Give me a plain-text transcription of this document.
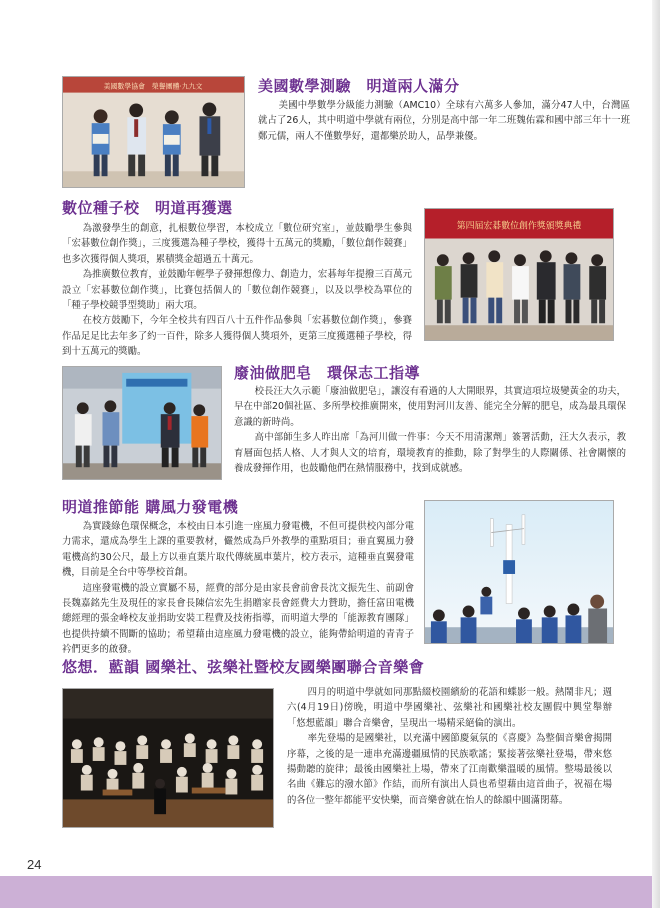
美國數學協會　榮譽團體·九九文	美國數學測驗　明道兩人滿分

美國中學數學分級能力測驗（AMC10）全球有六萬多人參加，滿分47人中，台灣區就占了26人，其中明道中學就有兩位，分別是高中部一年二班魏佑霖和國中部三年十一班鄭元儒，兩人不僅數學好，還都樂於助人，品學兼優。

數位種子校　明道再獲選

為激發學生的創意，扎根數位學習，本校成立「數位研究室」，並鼓勵學生參與「宏碁數位創作獎」，三度獲選為種子學校，獲得十五萬元的獎勵，「數位創作競賽」也多次獲得個人獎項，累積獎金超過五十萬元。

為推廣數位教育，並鼓勵年輕學子發揮想像力、創造力，宏碁每年提撥三百萬元設立「宏碁數位創作獎」，比賽包括個人的「數位創作競賽」，以及以學校為單位的「種子學校競爭型獎助」兩大項。

在校方鼓勵下，今年全校共有四百八十五件作品參與「宏碁數位創作獎」，參賽作品足足比去年多了約一百件，除多人獲得個人獎項外，更第三度獲選種子學校，得到十五萬元的獎勵。

第四屆宏碁數位創作獎頒獎典禮
廢油做肥皂　環保志工指導

校長汪大久示範「廢油做肥皂」，讓沒有看過的人大開眼界，其實這項垃圾變黃金的功夫，早在中部20個社區、多所學校推廣開來，使用對河川友善、能完全分解的肥皂，成為最具環保意識的新時尚。

高中部師生多人昨出席「為河川做一件事：今天不用清潔劑」簽署活動，汪大久表示，教育層面包括人格、人才與人文的培育，環境教育的推動，除了對學生的人際關係、社會關懷的養成發揮作用，也鼓勵他們在熱情服務中，找到成就感。

明道推節能 購風力發電機

為實踐綠色環保概念，本校由日本引進一座風力發電機，不但可提供校內部分電力需求，還成為學生上課的重要教材，儼然成為戶外教學的重點項目；垂直翼風力發電機高約30公尺，最上方以垂直葉片取代傳統風車葉片，校方表示，這種垂直翼發電機，目前是全台中等學校首創。

這座發電機的設立實屬不易，經費的部分是由家長會前會長沈文振先生、前副會長魏嘉銘先生及現任的家長會長陳信宏先生捐贈家長會經費大力贊助，擔任富田電機總經理的張金峰校友並捐助安裝工程費及技術指導，而明道大學的「能源教育團隊」也提供持續不間斷的協助；希望藉由這座風力發電機的設立，能夠帶給明道的青青子衿們更多的啟發。

悠想．藍韻 國樂社、弦樂社暨校友國樂團聯合音樂會

四月的明道中學就如同那點綴校園繽紛的花語和蝶影一般。熱鬧非凡；週六(4月19日)傍晚，明道中學國樂社、弦樂社和國樂社校友團假中興堂舉辦「悠想藍韻」聯合音樂會，呈現出一場精采絕倫的演出。

率先登場的是國樂社，以充滿中國節慶氣氛的《喜慶》為整個音樂會揭開序幕，之後的是一連串充滿邊疆風情的民族歌謠；緊接著弦樂社登場，帶來悠揚動聽的旋律；最後由國樂社上場，帶來了江南歡樂溫暖的風情。整場最後以名曲《難忘的潑水節》作結，而所有演出人員也希望藉由這首曲子，祝福在場的各位一整年都能平安快樂，而音樂會就在怡人的餘韻中圓滿閉幕。

24
